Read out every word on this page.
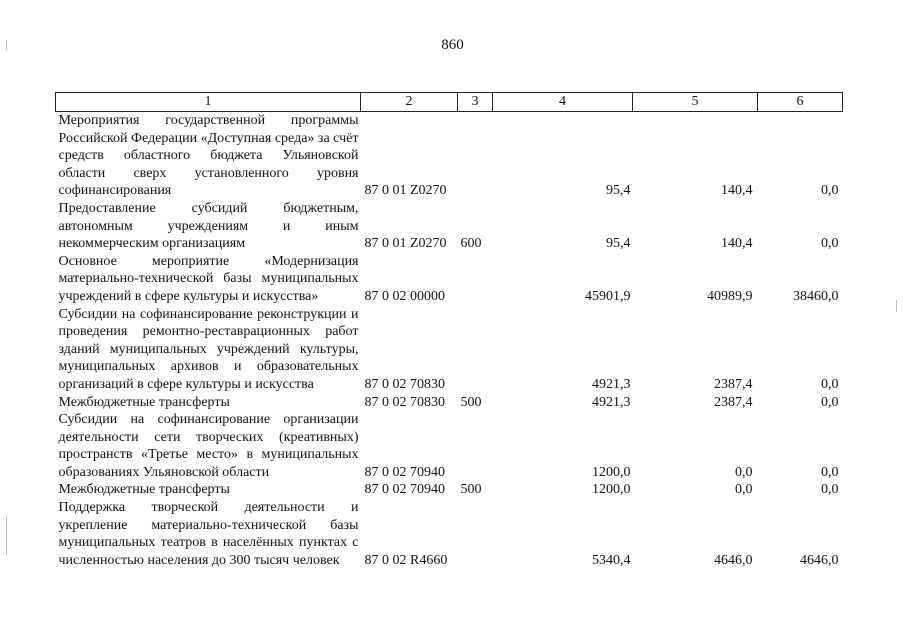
860
1	2	3	4	5	6
Мероприятия государственной программы Российской Федерации «Доступная среда» за счёт средств областного бюджета Ульяновской области сверх установленного уровня софинансирования	87 0 01 Z0270		95,4	140,4	0,0
Предоставление субсидий бюджетным, автономным учреждениям и иным некоммерческим организациям	87 0 01 Z0270	600	95,4	140,4	0,0
Основное мероприятие «Модернизация материально-технической базы муниципальных учреждений в сфере культуры и искусства»	87 0 02 00000		45901,9	40989,9	38460,0
Субсидии на софинансирование реконструкции и проведения ремонтно-реставрационных работ зданий муниципальных учреждений культуры, муниципальных архивов и образовательных организаций в сфере культуры и искусства	87 0 02 70830		4921,3	2387,4	0,0
Межбюджетные трансферты	87 0 02 70830	500	4921,3	2387,4	0,0
Субсидии на софинансирование организации деятельности сети творческих (креативных) пространств «Третье место» в муниципальных образованиях Ульяновской области	87 0 02 70940		1200,0	0,0	0,0
Межбюджетные трансферты	87 0 02 70940	500	1200,0	0,0	0,0
Поддержка творческой деятельности и укрепление материально-технической базы муниципальных театров в населённых пунктах с численностью населения до 300 тысяч человек	87 0 02 R4660		5340,4	4646,0	4646,0
